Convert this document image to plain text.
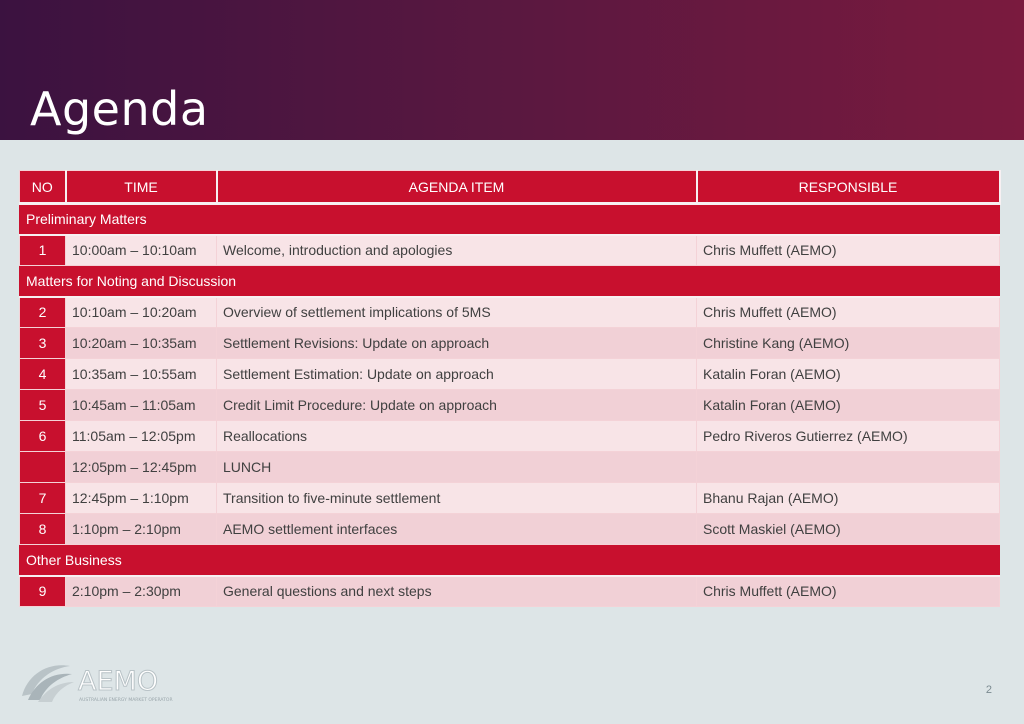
Agenda
NO	TIME	AGENDA ITEM	RESPONSIBLE
Preliminary Matters			
1	10:00am – 10:10am	Welcome, introduction and apologies	Chris Muffett (AEMO)
Matters for Noting and Discussion			
2	10:10am – 10:20am	Overview of settlement implications of 5MS	Chris Muffett (AEMO)
3	10:20am – 10:35am	Settlement Revisions: Update on approach	Christine Kang (AEMO)
4	10:35am – 10:55am	Settlement Estimation: Update on approach	Katalin Foran (AEMO)
5	10:45am – 11:05am	Credit Limit Procedure: Update on approach	Katalin Foran (AEMO)
6	11:05am – 12:05pm	Reallocations	Pedro Riveros Gutierrez (AEMO)
	12:05pm – 12:45pm	LUNCH	
7	12:45pm – 1:10pm	Transition to five-minute settlement	Bhanu Rajan (AEMO)
8	1:10pm – 2:10pm	AEMO settlement interfaces	Scott Maskiel (AEMO)
Other Business			
9	2:10pm – 2:30pm	General questions and next steps	Chris Muffett (AEMO)
AEMO
AUSTRALIAN ENERGY MARKET OPERATOR
2
